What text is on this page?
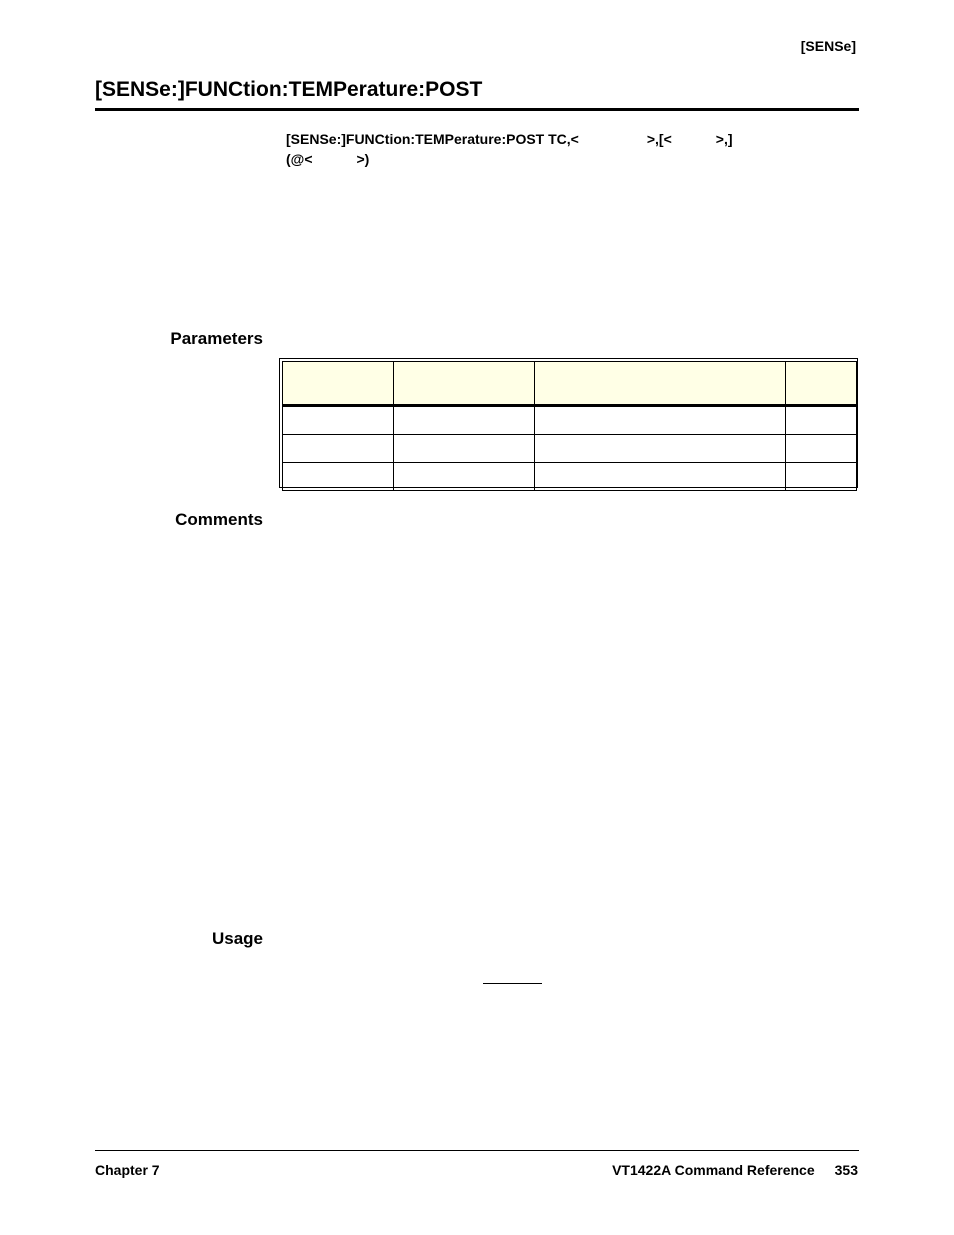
[SENSe]
[SENSe:]FUNCtion:TEMPerature:POST
[SENSe:]FUNCtion:TEMPerature:POST TC,<	>,[<	>,]
(@<	>)
Parameters

Comments
Usage
Chapter 7	VT1422A Command Reference 353
